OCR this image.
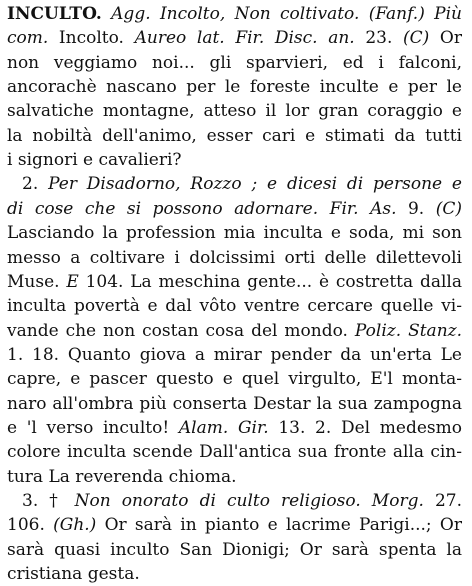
INCULTO. Agg. Incolto, Non coltivato. (Fanf.) Più
com. Incolto. Aureo lat. Fir. Disc. an. 23. (C) Or
non veggiamo noi... gli sparvieri, ed i falconi,
ancorachè nascano per le foreste inculte e per le
salvatiche montagne, atteso il lor gran coraggio e
la nobiltà dell'animo, esser cari e stimati da tutti
i signori e cavalieri?
2. Per Disadorno, Rozzo ; e dicesi di persone e
di cose che si possono adornare. Fir. As. 9. (C)
Lasciando la profession mia inculta e soda, mi son
messo a coltivare i dolcissimi orti delle dilettevoli
Muse. E 104. La meschina gente... è costretta dalla
inculta povertà e dal vôto ventre cercare quelle vi-
vande che non costan cosa del mondo. Poliz. Stanz.
1. 18. Quanto giova a mirar pender da un'erta Le
capre, e pascer questo e quel virgulto, E'l monta-
naro all'ombra più conserta Destar la sua zampogna
e 'l verso inculto! Alam. Gir. 13. 2. Del medesmo
colore inculta scende Dall'antica sua fronte alla cin-
tura La reverenda chioma.
3. † Non onorato di culto religioso. Morg. 27.
106. (Gh.) Or sarà in pianto e lacrime Parigi...; Or
sarà quasi inculto San Dionigi; Or sarà spenta la
cristiana gesta.
